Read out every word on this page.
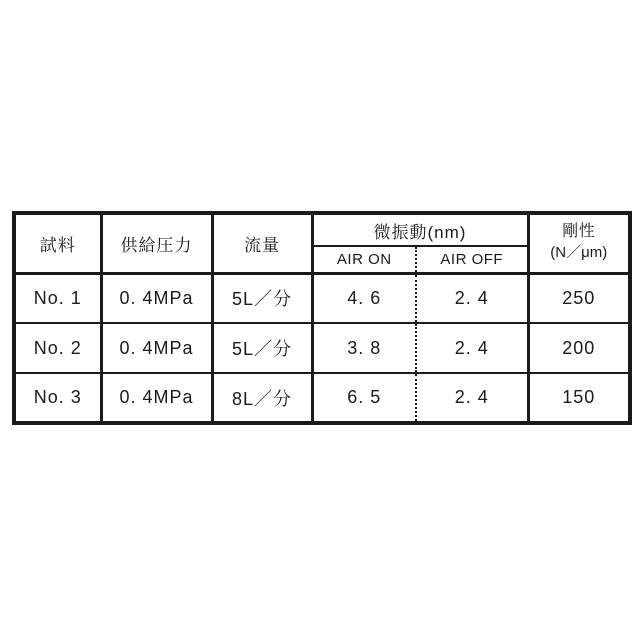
試料	供給圧力	流量	微振動(nm)		剛性
(N／μm)
			AIR ON	AIR OFF	
No. 1	0. 4MPa	5L／分	4. 6	2. 4	250
No. 2	0. 4MPa	5L／分	3. 8	2. 4	200
No. 3	0. 4MPa	8L／分	6. 5	2. 4	150
